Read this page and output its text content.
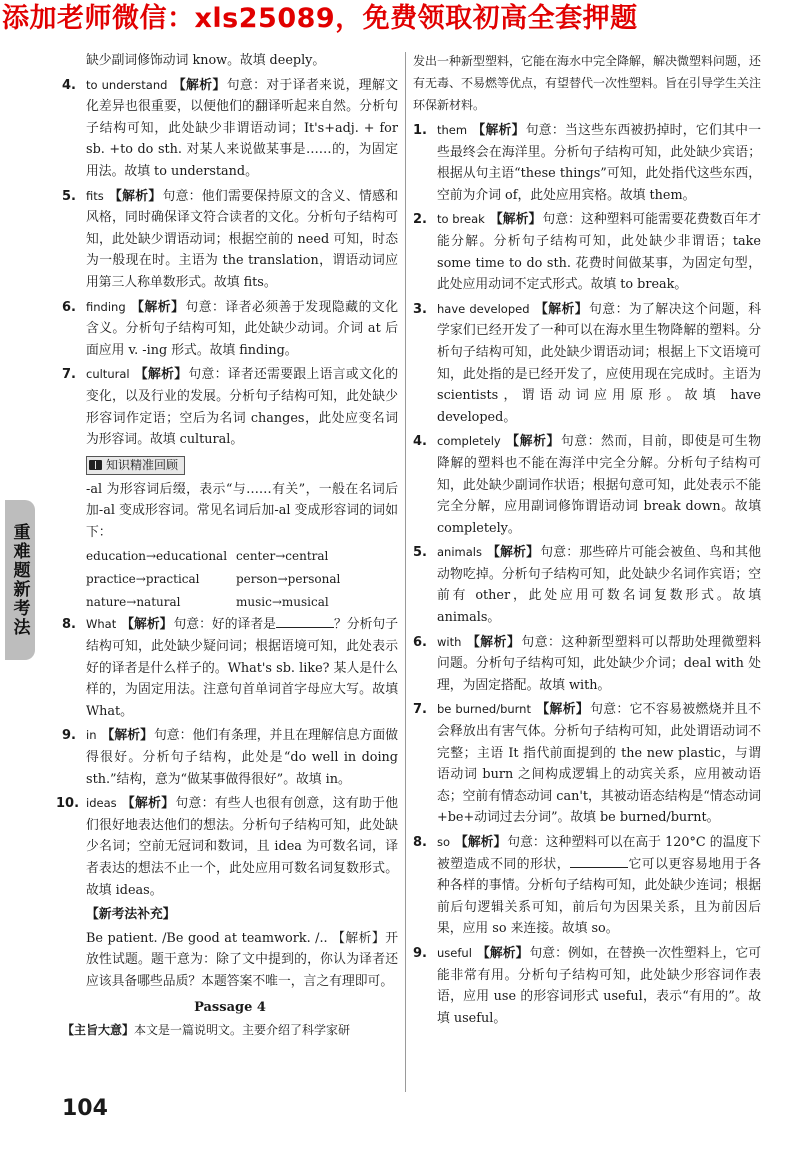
添加老师微信：xls25089，免费领取初高全套押题
重难题新考法

缺少副词修饰动词 know。故填 deeply。

4. to understand 【解析】句意：对于译者来说，理解文化差异也很重要，以便他们的翻译听起来自然。分析句子结构可知，此处缺少非谓语动词；It's+adj. + for sb. +to do sth. 对某人来说做某事是……的，为固定用法。故填 to understand。
5. fits 【解析】句意：他们需要保持原文的含义、情感和风格，同时确保译文符合读者的文化。分析句子结构可知，此处缺少谓语动词；根据空前的 need 可知，时态为一般现在时。主语为 the translation，谓语动词应用第三人称单数形式。故填 fits。
6. finding 【解析】句意：译者必须善于发现隐藏的文化含义。分析句子结构可知，此处缺少动词。介词 at 后面应用 v. -ing 形式。故填 finding。
7. cultural 【解析】句意：译者还需要跟上语言或文化的变化，以及行业的发展。分析句子结构可知，此处缺少形容词作定语；空后为名词 changes，此处应变名词为形容词。故填 cultural。
知识精准回顾

-al 为形容词后缀，表示“与……有关”，一般在名词后加-al 变成形容词。常见名词后加-al 变成形容词的词如下：

education→educational center→central
practice→practical	person→personal
nature→natural	music→musical
8. What 【解析】句意：好的译者是	？分析句子结构可知，此处缺少疑问词；根据语境可知，此处表示好的译者是什么样子的。What's sb. like? 某人是什么样的，为固定用法。注意句首单词首字母应大写。故填 What。
9. in 【解析】句意：他们有条理，并且在理解信息方面做得很好。分析句子结构，此处是“do well in doing sth.”结构，意为“做某事做得很好”。故填 in。
10. ideas 【解析】句意：有些人也很有创意，这有助于他们很好地表达他们的想法。分析句子结构可知，此处缺少名词；空前无冠词和数词，且 idea 为可数名词，译者表达的想法不止一个，此处应用可数名词复数形式。故填 ideas。

【新考法补充】

Be patient. /Be good at teamwork. /.. 【解析】开放性试题。题干意为：除了文中提到的，你认为译者还应该具备哪些品质？本题答案不唯一，言之有理即可。

Passage 4

【主旨大意】本文是一篇说明文。主要介绍了科学家研

发出一种新型塑料，它能在海水中完全降解，解决微塑料问题，还有无毒、不易燃等优点，有望替代一次性塑料。旨在引导学生关注环保新材料。

1. them 【解析】句意：当这些东西被扔掉时，它们其中一些最终会在海洋里。分析句子结构可知，此处缺少宾语；根据从句主语“these things”可知，此处指代这些东西，空前为介词 of，此处应用宾格。故填 them。
2. to break 【解析】句意：这种塑料可能需要花费数百年才能分解。分析句子结构可知，此处缺少非谓语；take some time to do sth. 花费时间做某事，为固定句型，此处应用动词不定式形式。故填 to break。
3. have developed 【解析】句意：为了解决这个问题，科学家们已经开发了一种可以在海水里生物降解的塑料。分析句子结构可知，此处缺少谓语动词；根据上下文语境可知，此处指的是已经开发了，应使用现在完成时。主语为 scientists，谓语动词应用原形。故填 have developed。
4. completely 【解析】句意：然而，目前，即使是可生物降解的塑料也不能在海洋中完全分解。分析句子结构可知，此处缺少副词作状语；根据句意可知，此处表示不能完全分解，应用副词修饰谓语动词 break down。故填 completely。
5. animals 【解析】句意：那些碎片可能会被鱼、鸟和其他动物吃掉。分析句子结构可知，此处缺少名词作宾语；空前有 other，此处应用可数名词复数形式。故填 animals。
6. with 【解析】句意：这种新型塑料可以帮助处理微塑料问题。分析句子结构可知，此处缺少介词；deal with 处理，为固定搭配。故填 with。
7. be burned/burnt 【解析】句意：它不容易被燃烧并且不会释放出有害气体。分析句子结构可知，此处谓语动词不完整；主语 It 指代前面提到的 the new plastic，与谓语动词 burn 之间构成逻辑上的动宾关系，应用被动语态；空前有情态动词 can't，其被动语态结构是“情态动词+be+动词过去分词”。故填 be burned/burnt。
8. so 【解析】句意：这种塑料可以在高于 120°C 的温度下被塑造成不同的形状，	它可以更容易地用于各种各样的事情。分析句子结构可知，此处缺少连词；根据前后句逻辑关系可知，前后句为因果关系，且为前因后果，应用 so 来连接。故填 so。
9. useful 【解析】句意：例如，在替换一次性塑料上，它可能非常有用。分析句子结构可知，此处缺少形容词作表语，应用 use 的形容词形式 useful，表示“有用的”。故填 useful。
104
